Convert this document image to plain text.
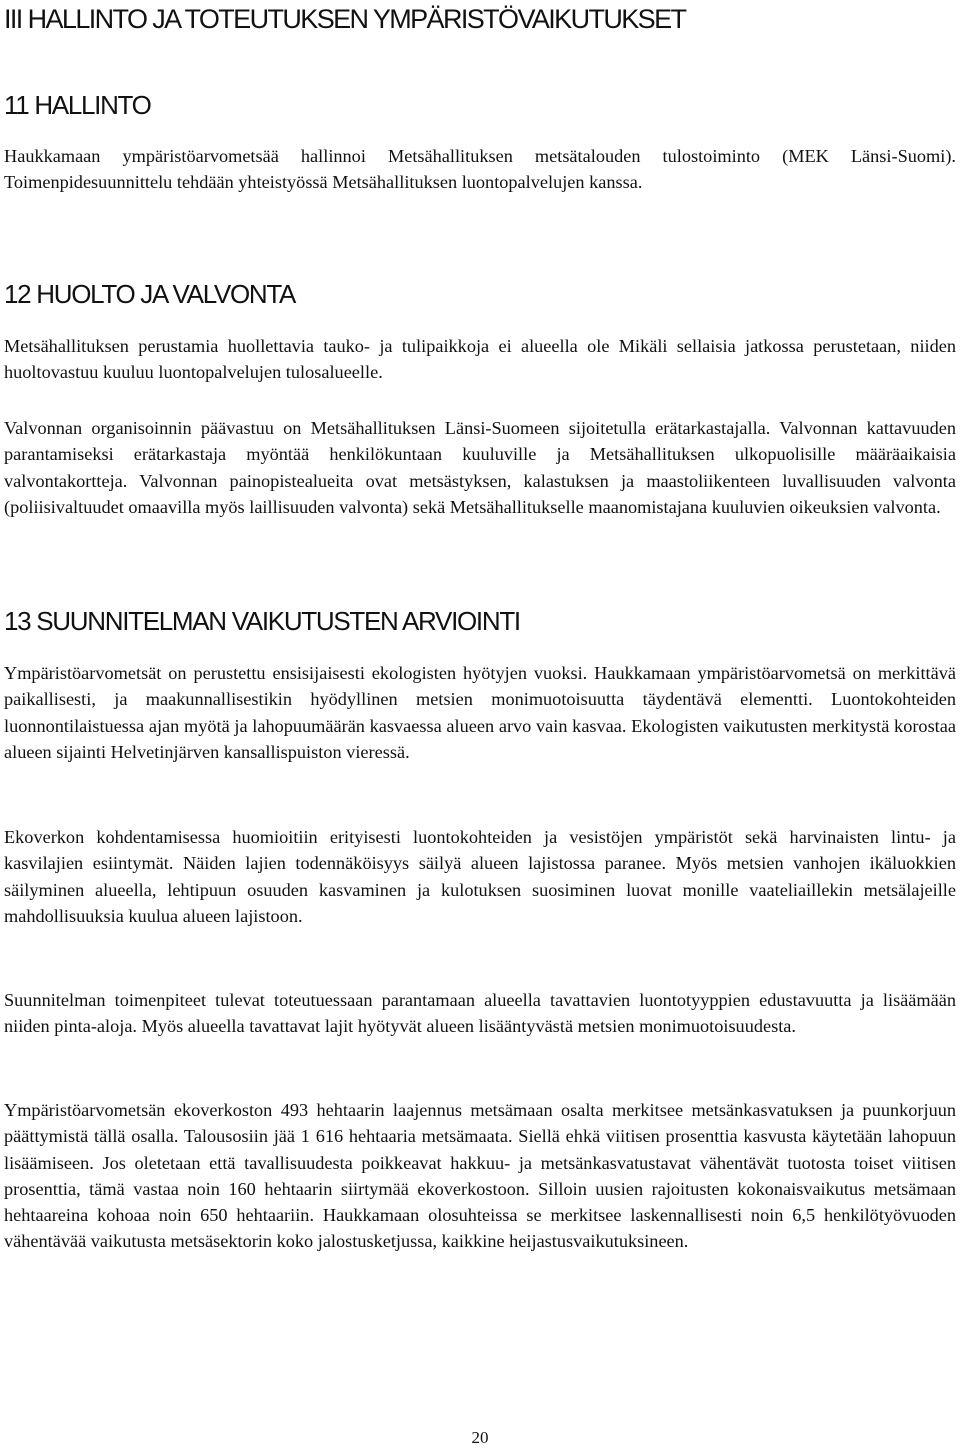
III HALLINTO JA TOTEUTUKSEN YMPÄRISTÖVAIKUTUKSET
11 HALLINTO

Haukkamaan ympäristöarvometsää hallinnoi Metsähallituksen metsätalouden tulostoiminto (MEK Länsi-Suomi). Toimenpidesuunnittelu tehdään yhteistyössä Metsähallituksen luontopalvelujen kanssa.

12 HUOLTO JA VALVONTA

Metsähallituksen perustamia huollettavia tauko- ja tulipaikkoja ei alueella ole Mikäli sellaisia jatkossa perustetaan, niiden huoltovastuu kuuluu luontopalvelujen tulosalueelle.

Valvonnan organisoinnin päävastuu on Metsähallituksen Länsi-Suomeen sijoitetulla erätarkastajalla. Valvonnan kattavuuden parantamiseksi erätarkastaja myöntää henkilökuntaan kuuluville ja Metsähallituksen ulkopuolisille määräaikaisia valvontakortteja. Valvonnan painopistealueita ovat metsästyksen, kalastuksen ja maastoliikenteen luvallisuuden valvonta (poliisivaltuudet omaavilla myös laillisuuden valvonta) sekä Metsähallitukselle maanomistajana kuuluvien oikeuksien valvonta.

13 SUUNNITELMAN VAIKUTUSTEN ARVIOINTI

Ympäristöarvometsät on perustettu ensisijaisesti ekologisten hyötyjen vuoksi. Haukkamaan ympäristöarvometsä on merkittävä paikallisesti, ja maakunnallisestikin hyödyllinen metsien monimuotoisuutta täydentävä elementti. Luontokohteiden luonnontilaistuessa ajan myötä ja lahopuumäärän kasvaessa alueen arvo vain kasvaa. Ekologisten vaikutusten merkitystä korostaa alueen sijainti Helvetinjärven kansallispuiston vieressä.

Ekoverkon kohdentamisessa huomioitiin erityisesti luontokohteiden ja vesistöjen ympäristöt sekä harvinaisten lintu- ja kasvilajien esiintymät. Näiden lajien todennäköisyys säilyä alueen lajistossa paranee. Myös metsien vanhojen ikäluokkien säilyminen alueella, lehtipuun osuuden kasvaminen ja kulotuksen suosiminen luovat monille vaateliaillekin metsälajeille mahdollisuuksia kuulua alueen lajistoon.

Suunnitelman toimenpiteet tulevat toteutuessaan parantamaan alueella tavattavien luontotyyppien edustavuutta ja lisäämään niiden pinta-aloja. Myös alueella tavattavat lajit hyötyvät alueen lisääntyvästä metsien monimuotoisuudesta.

Ympäristöarvometsän ekoverkoston 493 hehtaarin laajennus metsämaan osalta merkitsee metsänkasvatuksen ja puunkorjuun päättymistä tällä osalla. Talousosiin jää 1 616 hehtaaria metsämaata. Siellä ehkä viitisen prosenttia kasvusta käytetään lahopuun lisäämiseen. Jos oletetaan että tavallisuudesta poikkeavat hakkuu- ja metsänkasvatustavat vähentävät tuotosta toiset viitisen prosenttia, tämä vastaa noin 160 hehtaarin siirtymää ekoverkostoon. Silloin uusien rajoitusten kokonaisvaikutus metsämaan hehtaareina kohoaa noin 650 hehtaariin. Haukkamaan olosuhteissa se merkitsee laskennallisesti noin 6,5 henkilötyövuoden vähentävää vaikutusta metsäsektorin koko jalostusketjussa, kaikkine heijastusvaikutuksineen.

20
